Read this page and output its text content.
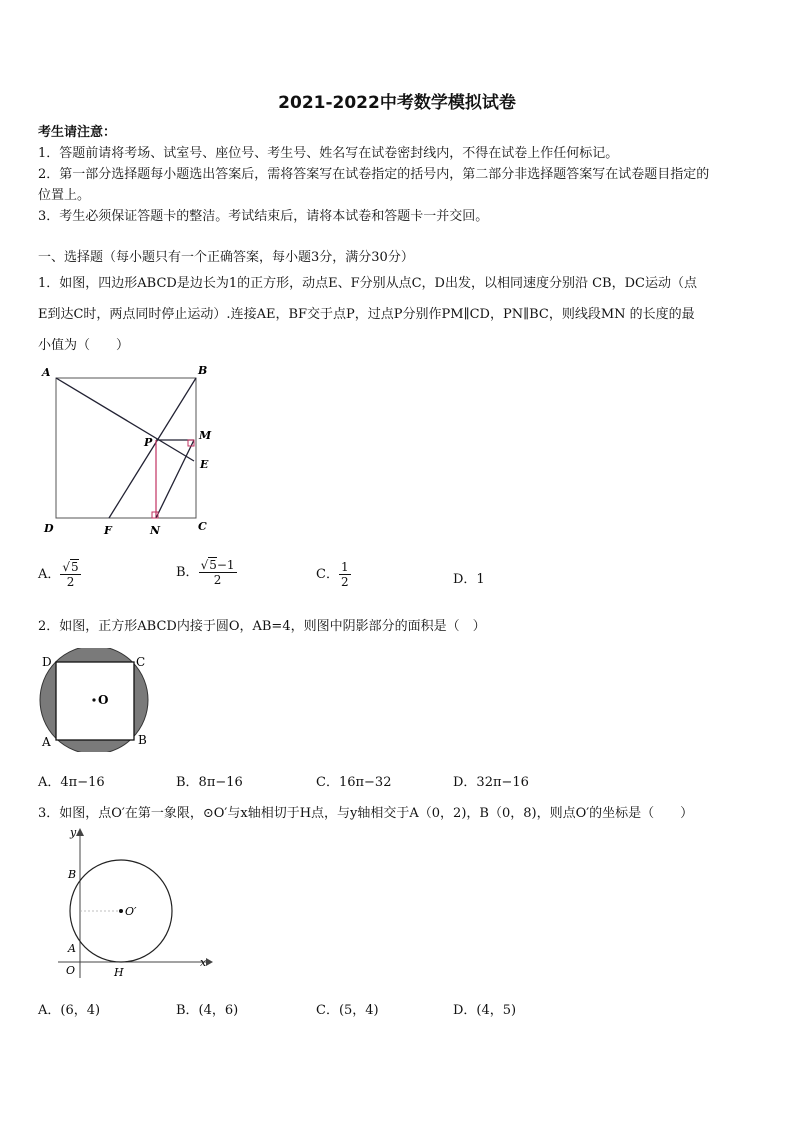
2021-2022中考数学模拟试卷
考生请注意：
1．答题前请将考场、试室号、座位号、考生号、姓名写在试卷密封线内，不得在试卷上作任何标记。
2．第一部分选择题每小题选出答案后，需将答案写在试卷指定的括号内，第二部分非选择题答案写在试卷题目指定的
位置上。
3．考生必须保证答题卡的整洁。考试结束后，请将本试卷和答题卡一并交回。
一、选择题（每小题只有一个正确答案，每小题3分，满分30分）
1．如图，四边形ABCD是边长为1的正方形，动点E、F分别从点C，D出发，以相同速度分别沿 CB，DC运动（点
E到达C时，两点同时停止运动）.连接AE，BF交于点P，过点P分别作PM∥CD，PN∥BC，则线段MN 的长度的最
小值为（　　）
A	B
C
D
P
M
E
F	N
A． $\frac{√5}{2}$	B． $\frac{√5-1}{2}$	C． $\frac{1}{2}$	D．1
2．如图，正方形ABCD内接于圆O，AB=4，则图中阴影部分的面积是（　）
O
D	C
A	B
A．4π−16	B．8π−16	C．16π−32	D．32π−16
3．如图，点O′在第一象限，⊙O′与x轴相切于H点，与y轴相交于A（0，2)，B（0，8)，则点O′的坐标是（　　）
O′
y
x
B
A
O	H
A．(6，4)	B．(4，6)	C．(5，4)	D．(4，5)
